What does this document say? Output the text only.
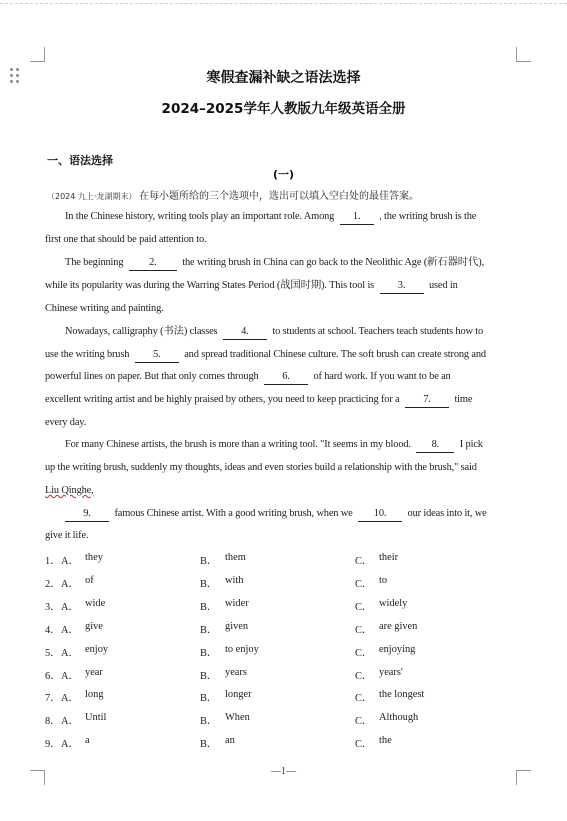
寒假查漏补缺之语法选择
2024–2025学年人教版九年级英语全册
一、语法选择
(一)
（2024 九上·龙湖期末） 在每小题所给的三个选项中，选出可以填入空白处的最佳答案。
In the Chinese history, writing tools play an important role. Among 1. , the writing brush is the
first one that should be paid attention to.
The beginning 2. the writing brush in China can go back to the Neolithic Age (新石器时代),
while its popularity was during the Warring States Period (战国时期). This tool is 3. used in
Chinese writing and painting.
Nowadays, calligraphy (书法) classes 4. to students at school. Teachers teach students how to
use the writing brush 5. and spread traditional Chinese culture. The soft brush can create strong and
powerful lines on paper. But that only comes through 6. of hard work. If you want to be an
excellent writing artist and be highly praised by others, you need to keep practicing for a 7. time
every day.
For many Chinese artists, the brush is more than a writing tool. "It seems in my blood. 8. I pick
up the writing brush, suddenly my thoughts, ideas and even stories build a relationship with the brush," said
Liu Qinghe,
9. famous Chinese artist. With a good writing brush, when we 10. our ideas into it, we
give it life.
1． A． they	B． them	C． their
2． A． of	B． with	C． to
3． A． wide	B． wider	C． widely
4． A． give	B． given	C． are given
5． A． enjoy	B． to enjoy	C． enjoying
6． A． year	B． years	C． years'
7． A． long	B． longer	C． the longest
8． A． Until	B． When	C． Although
9． A． a	B． an	C． the
—1—
